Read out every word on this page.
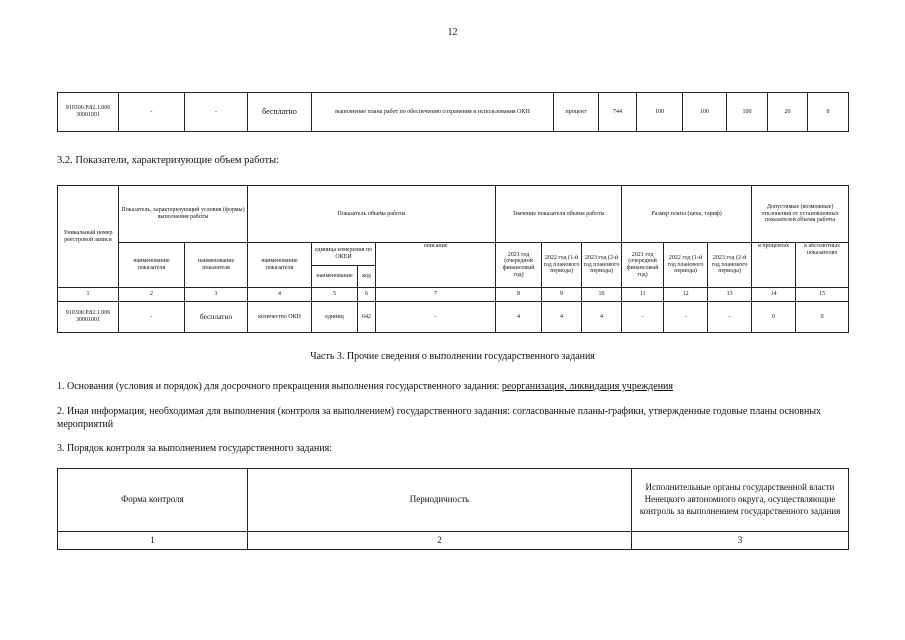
12
910300.Р.82.1.006 30001001	-	-	бесплатно	выполнение плана работ по обеспечению сохранения и использования ОКН	процент	744	100	100	100	20	0
3.2. Показатели, характеризующие объем работы:
Уникальный номер реестровой записи	Показатель, характеризующий условия (формы) выполнения работы		Показатель объема работы				Значение показателя объема работы			Размер платы (цена, тариф)			Допустимые (возможные) отклонения от установленных показателей объема работы	
	наименование показателя	наименование показателя	наименование показателя	единица измерения по ОКЕИ		описание	2021 год (очередной финансовый год)	2022 год (1-й год планового периода)	2023 год (2-й год планового периода)	2021 год (очередной финансовый год)	2022 год (1-й год планового периода)	2023 год (2-й год планового периода)	в процентах	в абсолютных показателях
				наименование	код									
1	2	3	4	5	6	7	8	9	10	11	12	13	14	15
910300.Р.82.1.006 30001001	-	бесплатно	количество ОКН	единиц	642	-	4	4	4	-	-	-	0	0
Часть 3. Прочие сведения о выполнении государственного задания
1. Основания (условия и порядок) для досрочного прекращения выполнения государственного задания: реорганизация, ликвидация учреждения
2. Иная информация, необходимая для выполнения (контроля за выполнением) государственного задания: согласованные планы-графики, утвержденные годовые планы основных мероприятий
3. Порядок контроля за выполнением государственного задания:
Форма контроля	Периодичность	Исполнительные органы государственной власти Ненецкого автономного округа, осуществляющие контроль за выполнением государственного задания
1	2	3
